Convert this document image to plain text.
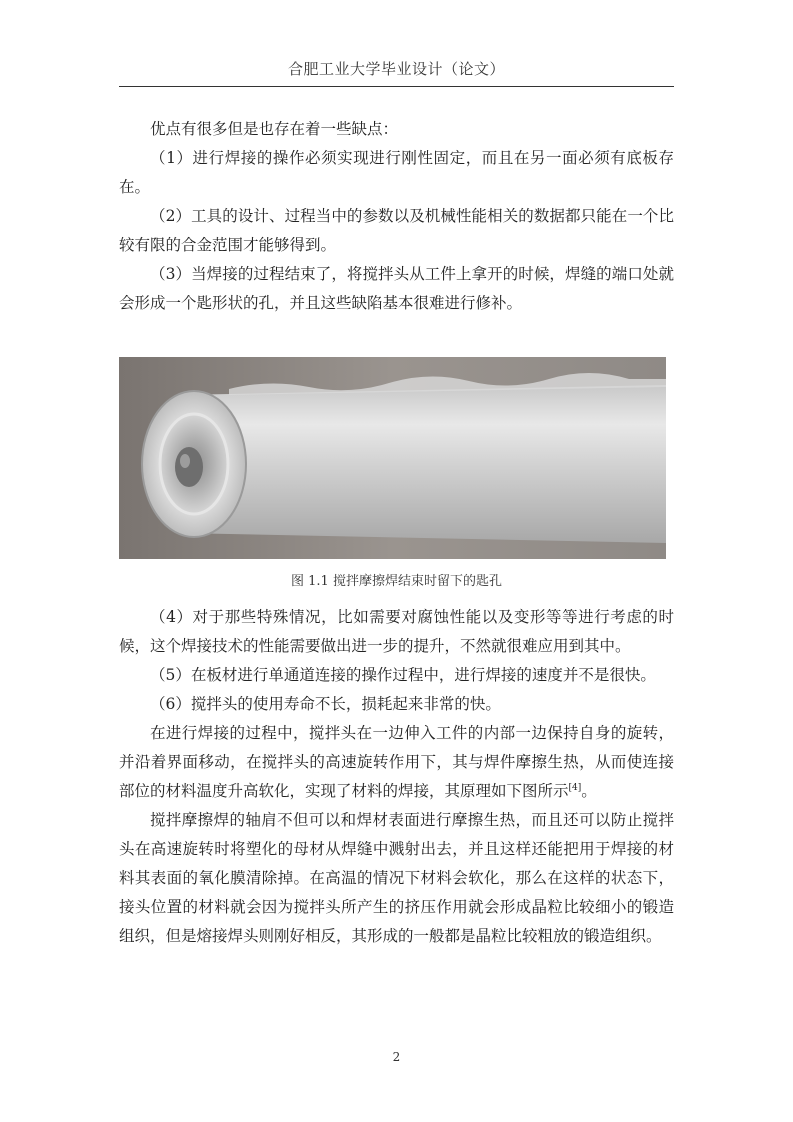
合肥工业大学毕业设计（论文）

优点有很多但是也存在着一些缺点：

（1）进行焊接的操作必须实现进行刚性固定，而且在另一面必须有底板存在。

（2）工具的设计、过程当中的参数以及机械性能相关的数据都只能在一个比较有限的合金范围才能够得到。

（3）当焊接的过程结束了，将搅拌头从工件上拿开的时候，焊缝的端口处就会形成一个匙形状的孔，并且这些缺陷基本很难进行修补。

图 1.1 搅拌摩擦焊结束时留下的匙孔

（4）对于那些特殊情况，比如需要对腐蚀性能以及变形等等进行考虑的时候，这个焊接技术的性能需要做出进一步的提升，不然就很难应用到其中。

（5）在板材进行单通道连接的操作过程中，进行焊接的速度并不是很快。

（6）搅拌头的使用寿命不长，损耗起来非常的快。

在进行焊接的过程中，搅拌头在一边伸入工件的内部一边保持自身的旋转，并沿着界面移动，在搅拌头的高速旋转作用下，其与焊件摩擦生热，从而使连接部位的材料温度升高软化，实现了材料的焊接，其原理如下图所示[4]。

搅拌摩擦焊的轴肩不但可以和焊材表面进行摩擦生热，而且还可以防止搅拌头在高速旋转时将塑化的母材从焊缝中溅射出去，并且这样还能把用于焊接的材料其表面的氧化膜清除掉。在高温的情况下材料会软化，那么在这样的状态下，接头位置的材料就会因为搅拌头所产生的挤压作用就会形成晶粒比较细小的锻造组织，但是熔接焊头则刚好相反，其形成的一般都是晶粒比较粗放的锻造组织。

2
